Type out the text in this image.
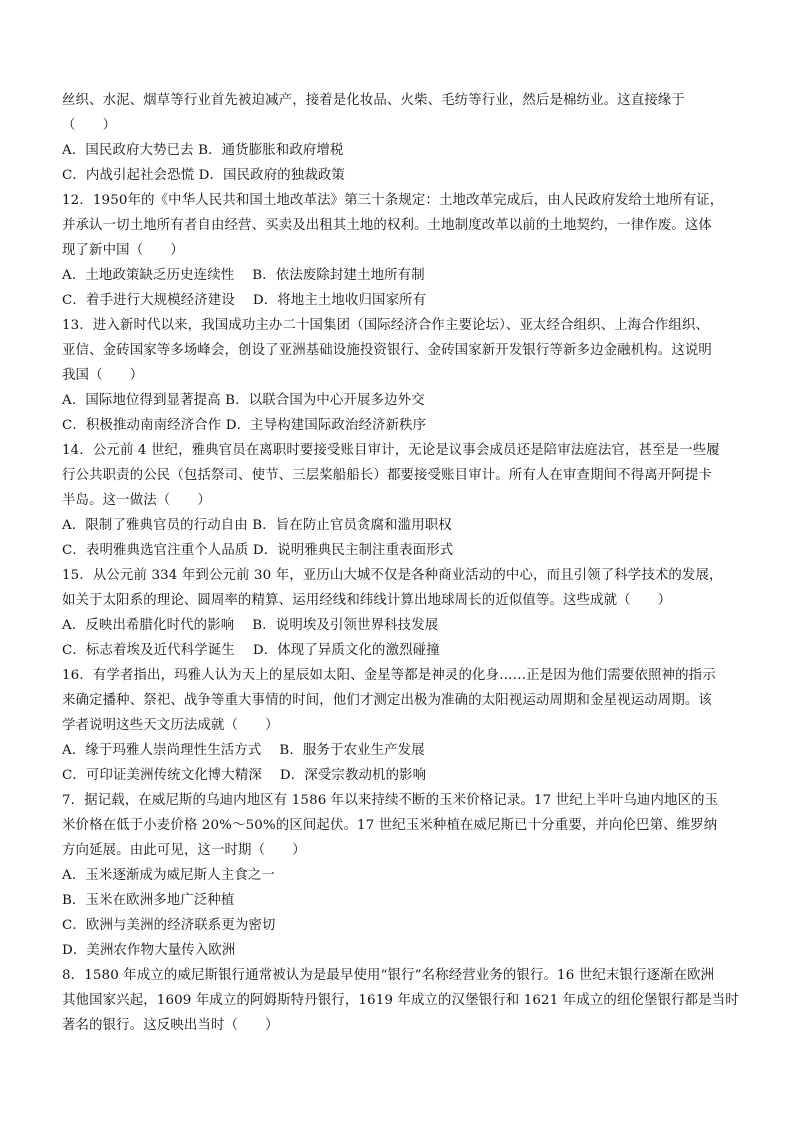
丝织、水泥、烟草等行业首先被迫减产，接着是化妆品、火柴、毛纺等行业，然后是棉纺业。这直接缘于
（　　）
A．国民政府大势已去 B．通货膨胀和政府增税
C．内战引起社会恐慌 D．国民政府的独裁政策
12．1950年的《中华人民共和国土地改革法》第三十条规定：土地改革完成后，由人民政府发给土地所有证，
并承认一切土地所有者自由经营、买卖及出租其土地的权利。土地制度改革以前的土地契约，一律作废。这体
现了新中国（　　）
A．土地政策缺乏历史连续性　 B．依法废除封建土地所有制
C．着手进行大规模经济建设　 D．将地主土地收归国家所有
13．进入新时代以来，我国成功主办二十国集团（国际经济合作主要论坛）、亚太经合组织、上海合作组织、
亚信、金砖国家等多场峰会，创设了亚洲基础设施投资银行、金砖国家新开发银行等新多边金融机构。这说明
我国（　　）
A．国际地位得到显著提高 B．以联合国为中心开展多边外交
C．积极推动南南经济合作 D．主导构建国际政治经济新秩序
14．公元前 4 世纪，雅典官员在离职时要接受账目审计，无论是议事会成员还是陪审法庭法官，甚至是一些履
行公共职责的公民（包括祭司、使节、三层桨船船长）都要接受账目审计。所有人在审查期间不得离开阿提卡
半岛。这一做法（　　）
A．限制了雅典官员的行动自由 B．旨在防止官员贪腐和滥用职权
C．表明雅典选官注重个人品质 D．说明雅典民主制注重表面形式
15．从公元前 334 年到公元前 30 年，亚历山大城不仅是各种商业活动的中心，而且引领了科学技术的发展，
如关于太阳系的理论、圆周率的精算、运用经线和纬线计算出地球周长的近似值等。这些成就（　　）
A．反映出希腊化时代的影响　 B．说明埃及引领世界科技发展
C．标志着埃及近代科学诞生　 D．体现了异质文化的激烈碰撞
16．有学者指出，玛雅人认为天上的星辰如太阳、金星等都是神灵的化身……正是因为他们需要依照神的指示
来确定播种、祭祀、战争等重大事情的时间，他们才测定出极为准确的太阳视运动周期和金星视运动周期。该
学者说明这些天文历法成就（　　）
A．缘于玛雅人崇尚理性生活方式　 B．服务于农业生产发展
C．可印证美洲传统文化博大精深　 D．深受宗教动机的影响
7．据记载，在威尼斯的乌迪内地区有 1586 年以来持续不断的玉米价格记录。17 世纪上半叶乌迪内地区的玉
米价格在低于小麦价格 20%～50%的区间起伏。17 世纪玉米种植在威尼斯已十分重要，并向伦巴第、维罗纳
方向延展。由此可见，这一时期（　　）
A．玉米逐渐成为威尼斯人主食之一
B．玉米在欧洲多地广泛种植
C．欧洲与美洲的经济联系更为密切
D．美洲农作物大量传入欧洲
8．1580 年成立的威尼斯银行通常被认为是最早使用“银行”名称经营业务的银行。16 世纪末银行逐渐在欧洲
其他国家兴起，1609 年成立的阿姆斯特丹银行，1619 年成立的汉堡银行和 1621 年成立的纽伦堡银行都是当时
著名的银行。这反映出当时（　　）
